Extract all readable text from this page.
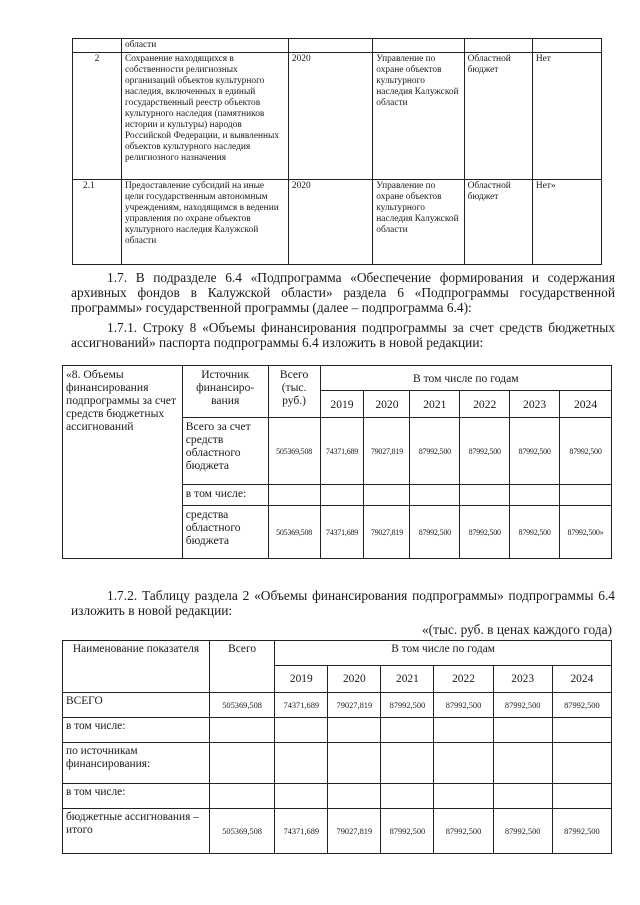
	области				
2	Сохранение находящихся в собственности религиозных организаций объектов культурного наследия, включенных в единый государственный реестр объектов культурного наследия (памятников истории и культуры) народов Российской Федерации, и выявленных объектов культурного наследия религиозного назначения	2020	Управление по охране объектов культурного наследия Калужской области	Областной бюджет	Нет
2.1	Предоставление субсидий на иные цели государственным автономным учреждениям, находящимся в ведении управления по охране объектов культурного наследия Калужской области	2020	Управление по охране объектов культурного наследия Калужской области	Областной бюджет	Нет»

1.7. В подразделе 6.4 «Подпрограмма «Обеспечение формирования и содержания архивных фондов в Калужской области» раздела 6 «Подпрограммы государственной программы» государственной программы (далее – подпрограмма 6.4):

1.7.1. Строку 8 «Объемы финансирования подпрограммы за счет средств бюджетных ассигнований» паспорта подпрограммы 6.4 изложить в новой редакции:

«8. Объемы финансирования подпрограммы за счет средств бюджетных ассигнований	Источник финансиро-вания	Всего (тыс. руб.)	В том числе по годам					
			2019	2020	2021	2022	2023	2024
	Всего за счет средств областного бюджета	505369,508	74371,689	79027,819	87992,500	87992,500	87992,500	87992,500
	в том числе:							
	средства областного бюджета	505369,508	74371,689	79027,819	87992,500	87992,500	87992,500	87992,500»

1.7.2. Таблицу раздела 2 «Объемы финансирования подпрограммы» подпрограммы 6.4 изложить в новой редакции:

«(тыс. руб. в ценах каждого года)

Наименование показателя	Всего	В том числе по годам					
		2019	2020	2021	2022	2023	2024
ВСЕГО	505369,508	74371,689	79027,819	87992,500	87992,500	87992,500	87992,500
в том числе:							
по источникам финансирования:							
в том числе:							
бюджетные ассигнования – итого	505369,508	74371,689	79027,819	87992,500	87992,500	87992,500	87992,500
